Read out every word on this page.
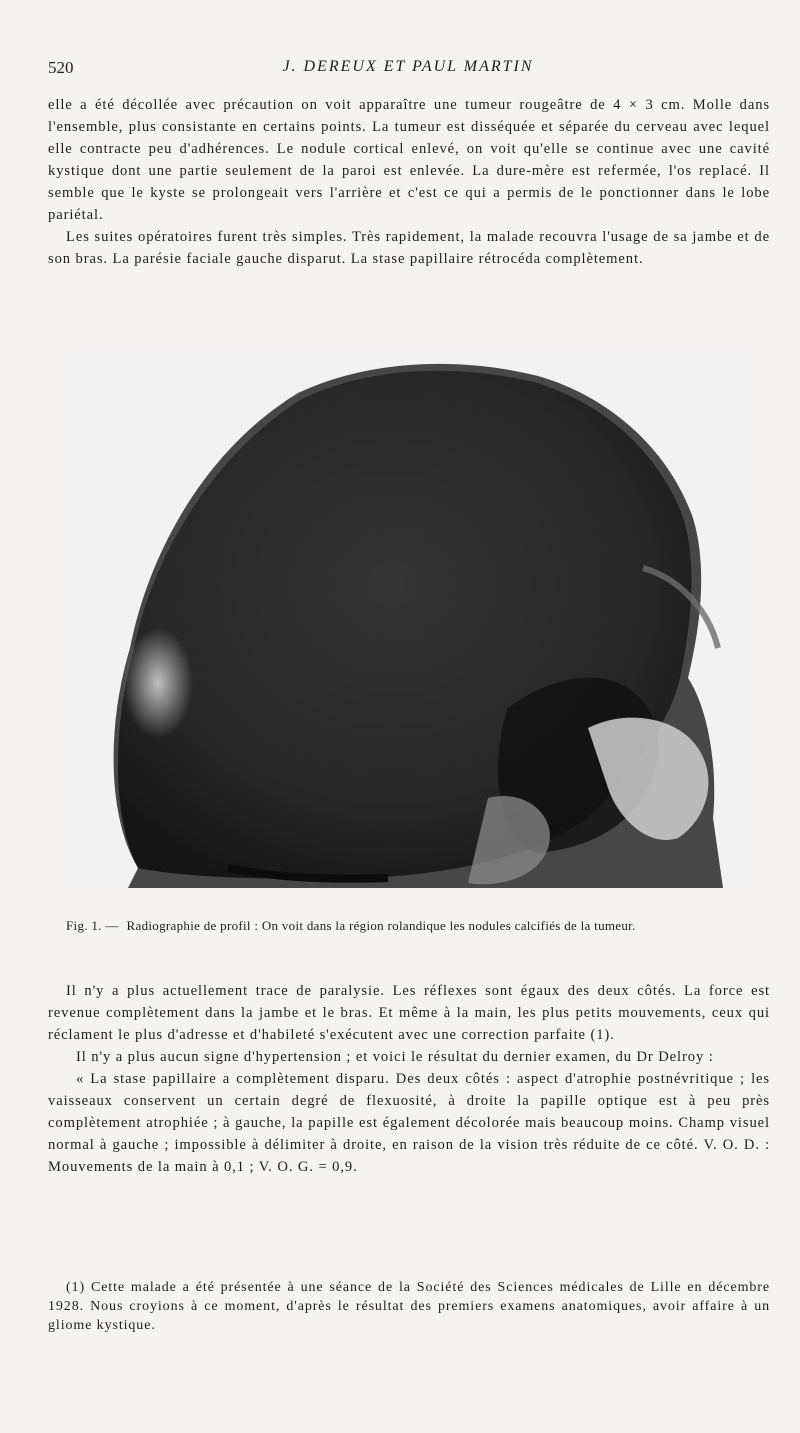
520	J. DEREUX ET PAUL MARTIN

elle a été décollée avec précaution on voit apparaître une tumeur rougeâtre de 4 × 3 cm. Molle dans l'ensemble, plus consistante en certains points. La tumeur est disséquée et séparée du cerveau avec lequel elle contracte peu d'adhérences. Le nodule cortical enlevé, on voit qu'elle se continue avec une cavité kystique dont une partie seulement de la paroi est enlevée. La dure-mère est refermée, l'os replacé. Il semble que le kyste se prolongeait vers l'arrière et c'est ce qui a permis de le ponctionner dans le lobe pariétal.

Les suites opératoires furent très simples. Très rapidement, la malade recouvra l'usage de sa jambe et de son bras. La parésie faciale gauche disparut. La stase papillaire rétrocéda complètement.

Fig. 1. — Radiographie de profil : On voit dans la région rolandique les nodules calcifiés de la tumeur.

Il n'y a plus actuellement trace de paralysie. Les réflexes sont égaux des deux côtés. La force est revenue complètement dans la jambe et le bras. Et même à la main, les plus petits mouvements, ceux qui réclament le plus d'adresse et d'habileté s'exécutent avec une correction parfaite (1).

Il n'y a plus aucun signe d'hypertension ; et voici le résultat du dernier examen, du Dr Delroy :

« La stase papillaire a complètement disparu. Des deux côtés : aspect d'atrophie postnévritique ; les vaisseaux conservent un certain degré de flexuosité, à droite la papille optique est à peu près complètement atrophiée ; à gauche, la papille est également décolorée mais beaucoup moins. Champ visuel normal à gauche ; impossible à délimiter à droite, en raison de la vision très réduite de ce côté. V. O. D. : Mouvements de la main à 0,1 ; V. O. G. = 0,9.

(1) Cette malade a été présentée à une séance de la Société des Sciences médicales de Lille en décembre 1928. Nous croyions à ce moment, d'après le résultat des premiers examens anatomiques, avoir affaire à un gliome kystique.
